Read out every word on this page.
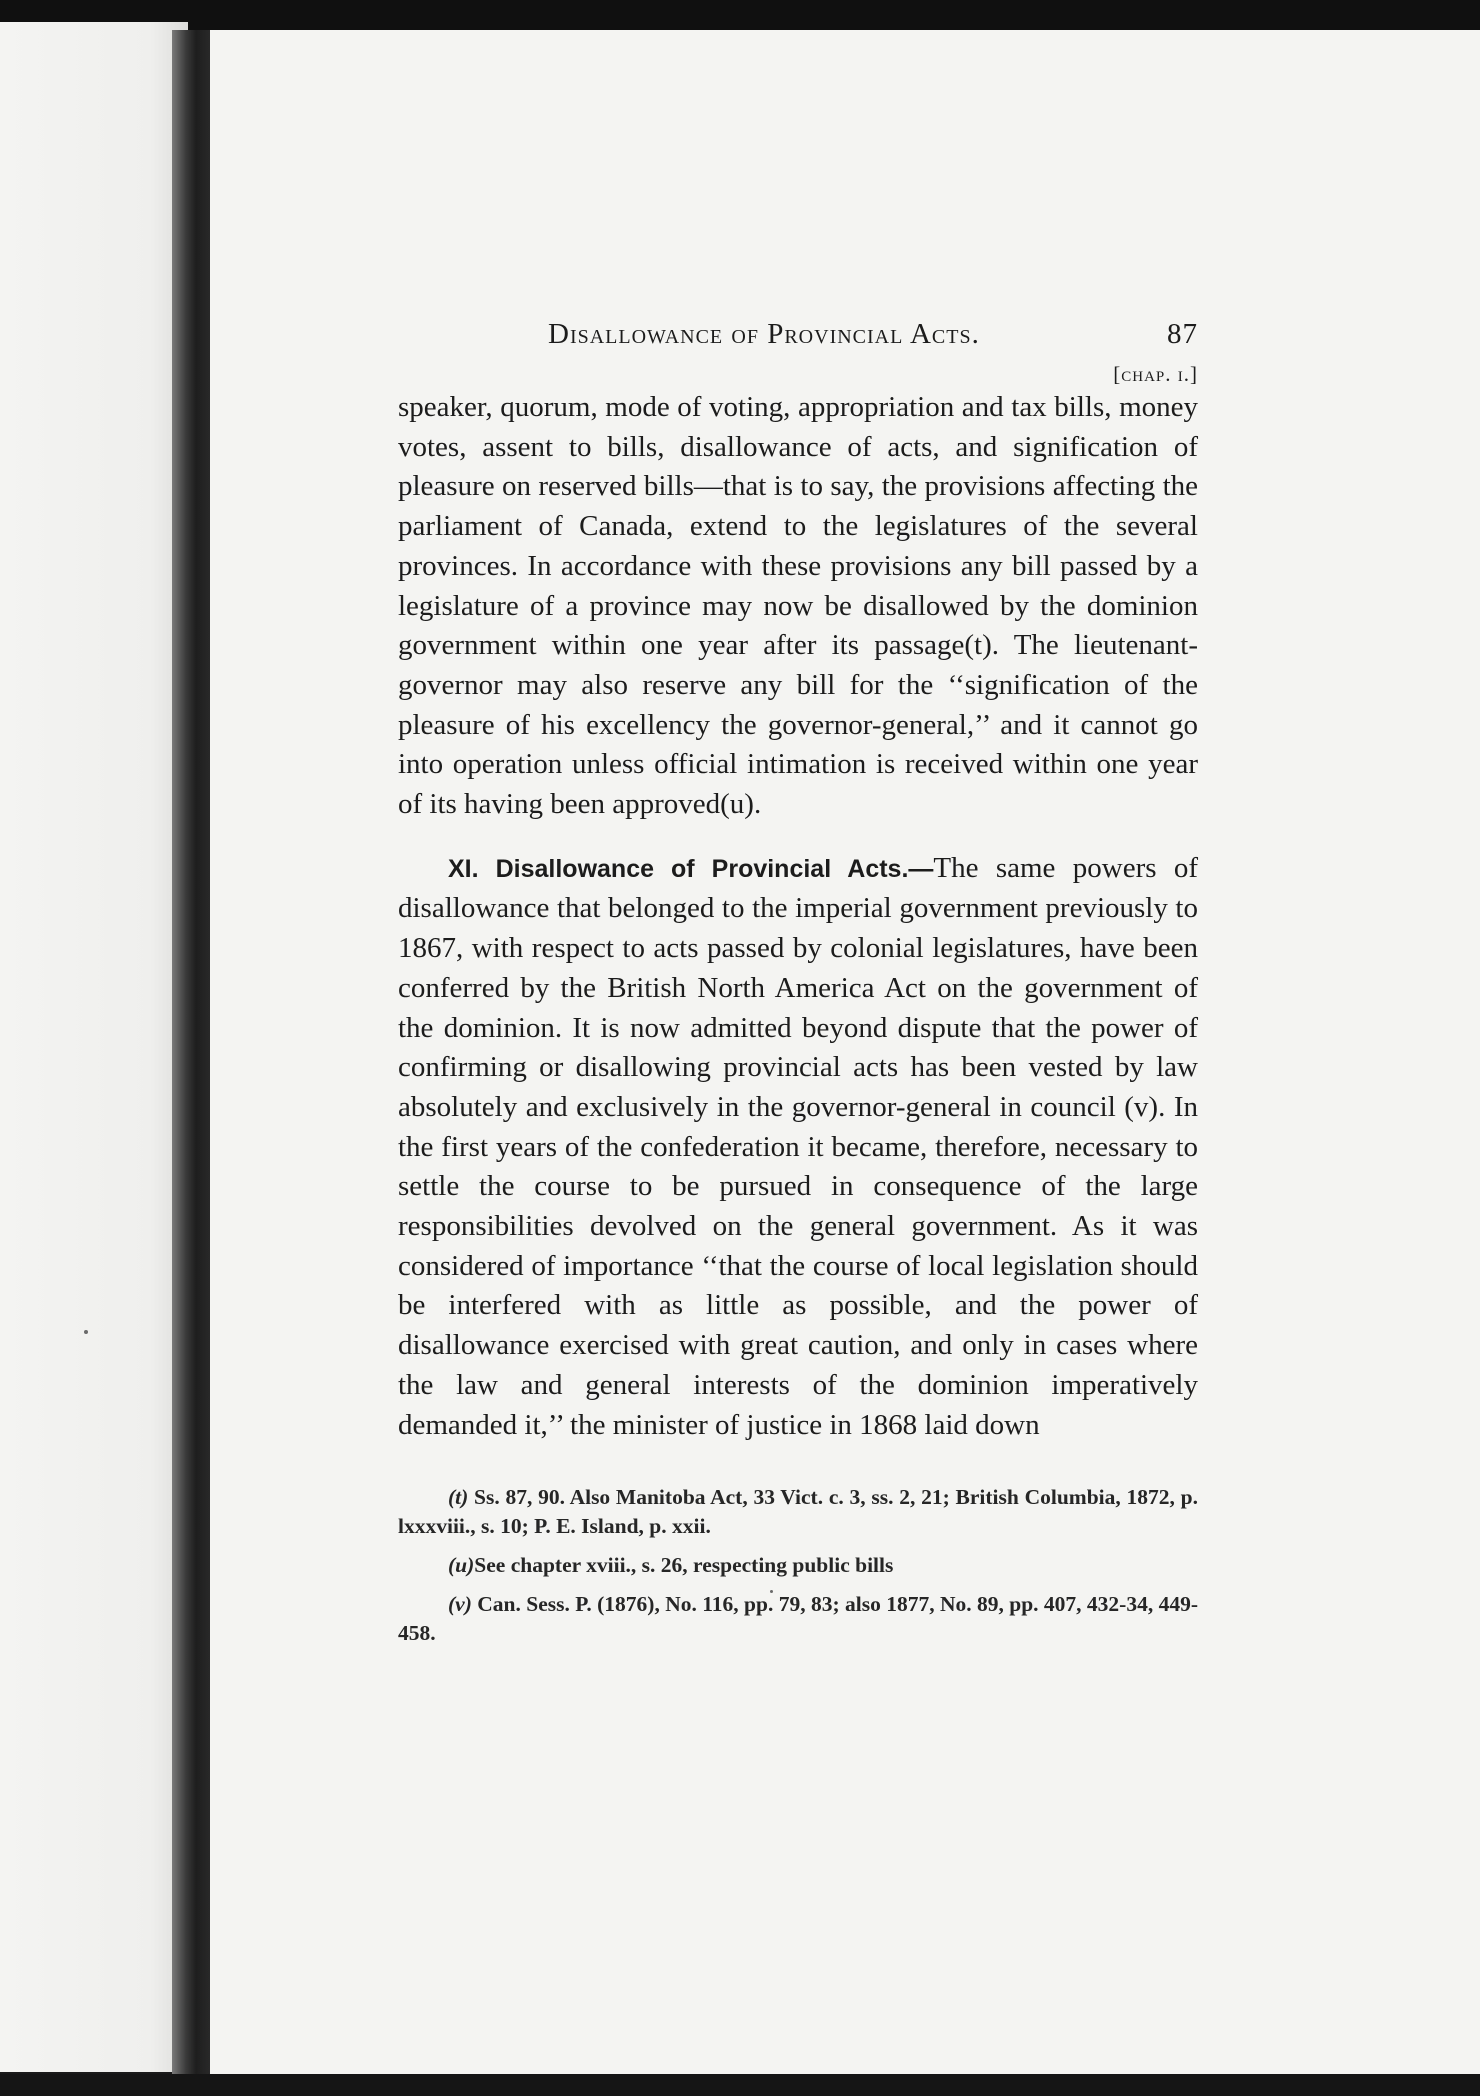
Disallowance of Provincial Acts.	87
[chap. i.]

speaker, quorum, mode of voting, appropriation and tax bills, money votes, assent to bills, disallowance of acts, and signification of pleasure on reserved bills—that is to say, the provisions affecting the parliament of Canada, extend to the legislatures of the several provinces. In accordance with these provisions any bill passed by a legislature of a province may now be disallowed by the dominion government within one year after its passage(t). The lieutenant-governor may also reserve any bill for the ‘‘signification of the pleasure of his excellency the governor-general,’’ and it cannot go into operation unless official intimation is received within one year of its having been approved(u).

XI. Disallowance of Provincial Acts.—The same powers of disallowance that belonged to the imperial government previously to 1867, with respect to acts passed by colonial legislatures, have been conferred by the British North America Act on the government of the dominion. It is now admitted beyond dispute that the power of confirming or disallowing provincial acts has been vested by law absolutely and exclusively in the governor-general in council (v). In the first years of the confederation it became, therefore, necessary to settle the course to be pursued in consequence of the large responsibilities devolved on the general government. As it was considered of importance ‘‘that the course of local legislation should be interfered with as little as possible, and the power of disallowance exercised with great caution, and only in cases where the law and general interests of the dominion imperatively demanded it,’’ the minister of justice in 1868 laid down

(t) Ss. 87, 90. Also Manitoba Act, 33 Vict. c. 3, ss. 2, 21; British Columbia, 1872, p. lxxxviii., s. 10; P. E. Island, p. xxii.

(u)See chapter xviii., s. 26, respecting public bills

(v) Can. Sess. P. (1876), No. 116, pp. 79, 83; also 1877, No. 89, pp. 407, 432-34, 449-458.
